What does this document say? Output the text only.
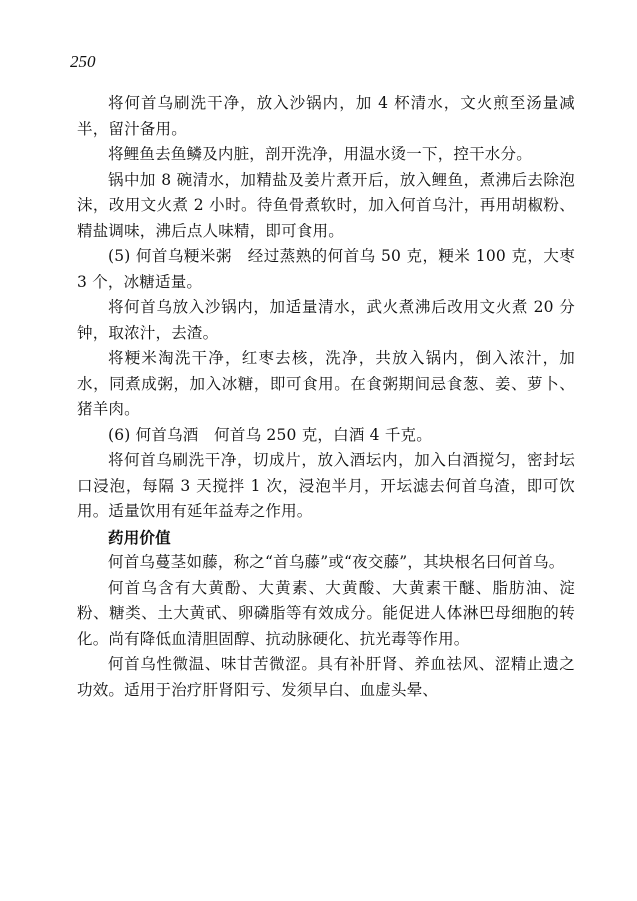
250

将何首乌刷洗干净，放入沙锅内，加 4 杯清水，文火煎至汤量减半，留汁备用。

将鲤鱼去鱼鳞及内脏，剖开洗净，用温水烫一下，控干水分。

锅中加 8 碗清水，加精盐及姜片煮开后，放入鲤鱼，煮沸后去除泡沫，改用文火煮 2 小时。待鱼骨煮软时，加入何首乌汁，再用胡椒粉、精盐调味，沸后点人味精，即可食用。

(5) 何首乌粳米粥　经过蒸熟的何首乌 50 克，粳米 100 克，大枣 3 个，冰糖适量。

将何首乌放入沙锅内，加适量清水，武火煮沸后改用文火煮 20 分钟，取浓汁，去渣。

将粳米淘洗干净，红枣去核，洗净，共放入锅内，倒入浓汁，加水，同煮成粥，加入冰糖，即可食用。在食粥期间忌食葱、姜、萝卜、猪羊肉。

(6) 何首乌酒　何首乌 250 克，白酒 4 千克。

将何首乌刷洗干净，切成片，放入酒坛内，加入白酒搅匀，密封坛口浸泡，每隔 3 天搅拌 1 次，浸泡半月，开坛滤去何首乌渣，即可饮用。适量饮用有延年益寿之作用。

药用价值

何首乌蔓茎如藤，称之“首乌藤”或“夜交藤”，其块根名曰何首乌。

何首乌含有大黄酚、大黄素、大黄酸、大黄素干醚、脂肪油、淀粉、糖类、土大黄甙、卵磷脂等有效成分。能促进人体淋巴母细胞的转化。尚有降低血清胆固醇、抗动脉硬化、抗光毒等作用。

何首乌性微温、味甘苦微涩。具有补肝肾、养血祛风、涩精止遗之功效。适用于治疗肝肾阳亏、发须早白、血虚头晕、
